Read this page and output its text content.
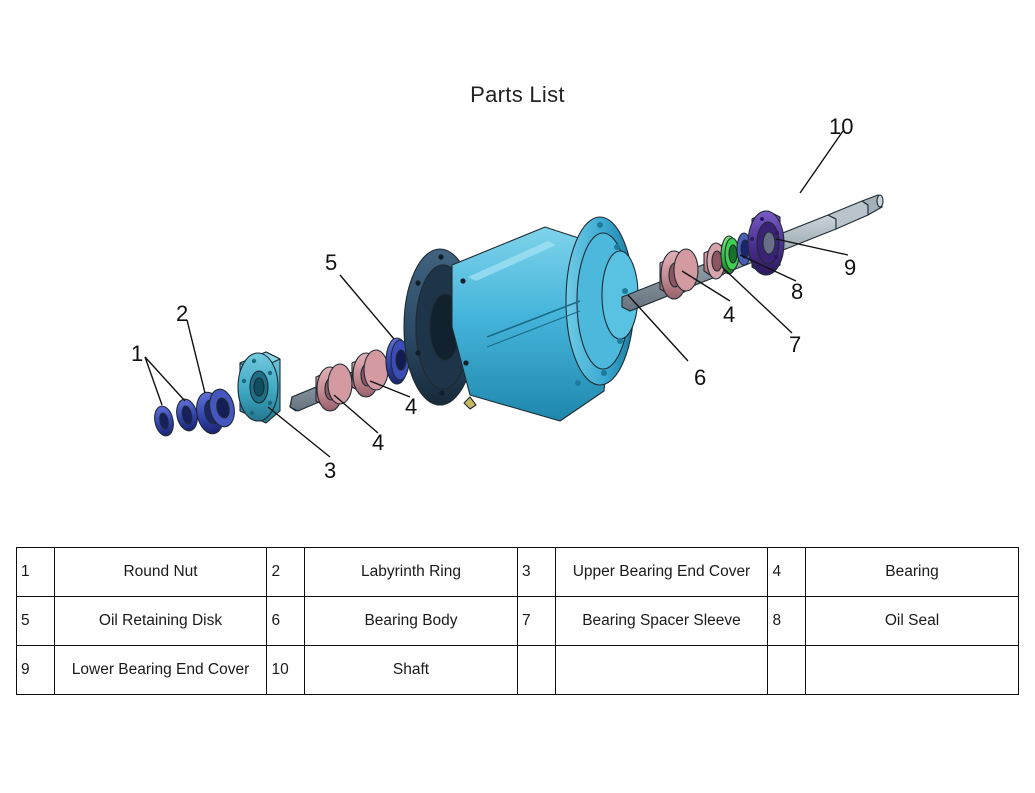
Parts List
1
2
3
4
4
5
6
4
7
8
9
10
1	Round Nut	2	Labyrinth Ring	3	Upper Bearing End Cover	4	Bearing
5	Oil Retaining Disk	6	Bearing Body	7	Bearing Spacer Sleeve	8	Oil Seal
9	Lower Bearing End Cover	10	Shaft				
